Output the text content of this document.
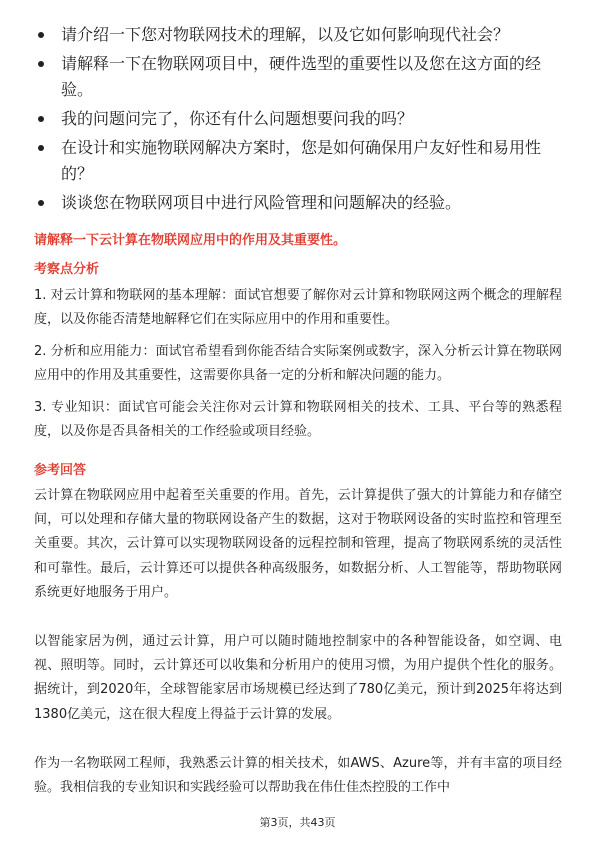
请介绍一下您对物联网技术的理解，以及它如何影响现代社会？
请解释一下在物联网项目中，硬件选型的重要性以及您在这方面的经验。
我的问题问完了，你还有什么问题想要问我的吗？
在设计和实施物联网解决方案时，您是如何确保用户友好性和易用性的？
谈谈您在物联网项目中进行风险管理和问题解决的经验。
请解释一下云计算在物联网应用中的作用及其重要性。
考察点分析
1. 对云计算和物联网的基本理解：面试官想要了解你对云计算和物联网这两个概念的理解程度，以及你能否清楚地解释它们在实际应用中的作用和重要性。
2. 分析和应用能力：面试官希望看到你能否结合实际案例或数字，深入分析云计算在物联网应用中的作用及其重要性，这需要你具备一定的分析和解决问题的能力。
3. 专业知识：面试官可能会关注你对云计算和物联网相关的技术、工具、平台等的熟悉程度，以及你是否具备相关的工作经验或项目经验。
参考回答
云计算在物联网应用中起着至关重要的作用。首先，云计算提供了强大的计算能力和存储空间，可以处理和存储大量的物联网设备产生的数据，这对于物联网设备的实时监控和管理至关重要。其次，云计算可以实现物联网设备的远程控制和管理，提高了物联网系统的灵活性和可靠性。最后，云计算还可以提供各种高级服务，如数据分析、人工智能等，帮助物联网系统更好地服务于用户。
以智能家居为例，通过云计算，用户可以随时随地控制家中的各种智能设备，如空调、电视、照明等。同时，云计算还可以收集和分析用户的使用习惯，为用户提供个性化的服务。据统计，到2020年，全球智能家居市场规模已经达到了780亿美元，预计到2025年将达到1380亿美元，这在很大程度上得益于云计算的发展。
作为一名物联网工程师，我熟悉云计算的相关技术，如AWS、Azure等，并有丰富的项目经验。我相信我的专业知识和实践经验可以帮助我在伟仕佳杰控股的工作中
第3页，共43页
